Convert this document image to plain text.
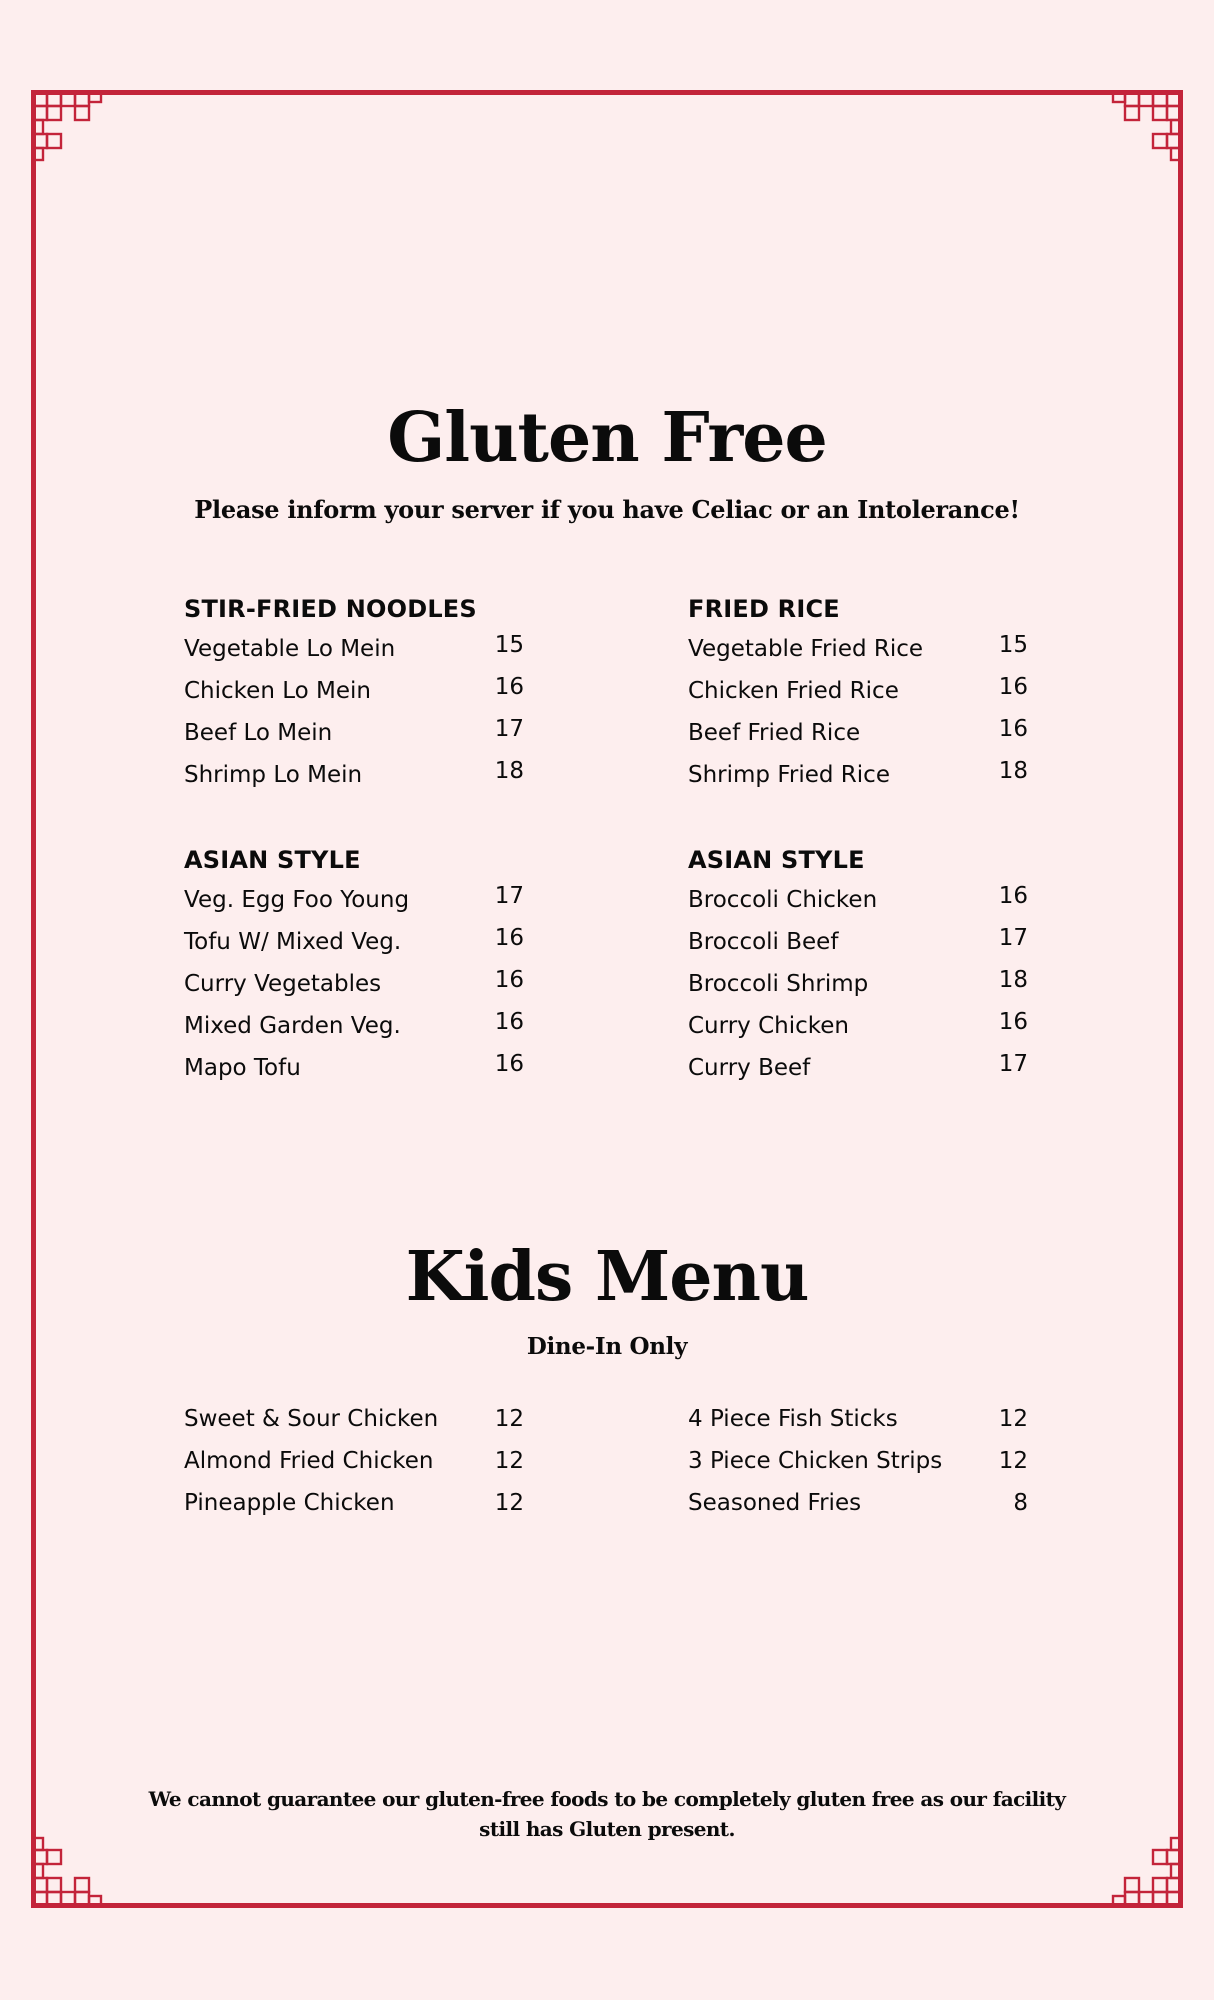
Gluten Free
Please inform your server if you have Celiac or an Intolerance!
STIR-FRIED NOODLES
Vegetable Lo Mein	15
Chicken Lo Mein	16
Beef Lo Mein	17
Shrimp Lo Mein	18
FRIED RICE
Vegetable Fried Rice	15
Chicken Fried Rice	16
Beef Fried Rice	16
Shrimp Fried Rice	18
ASIAN STYLE
Veg. Egg Foo Young	17
Tofu W/ Mixed Veg.	16
Curry Vegetables	16
Mixed Garden Veg.	16
Mapo Tofu	16
ASIAN STYLE
Broccoli Chicken	16
Broccoli Beef	17
Broccoli Shrimp	18
Curry Chicken	16
Curry Beef	17
Kids Menu
Dine-In Only
Sweet & Sour Chicken 12
Almond Fried Chicken	12
Pineapple Chicken	12
4 Piece Fish Sticks	12
3 Piece Chicken Strips 12
Seasoned Fries	8
We cannot guarantee our gluten-free foods to be completely gluten free as our facility still has Gluten present.
